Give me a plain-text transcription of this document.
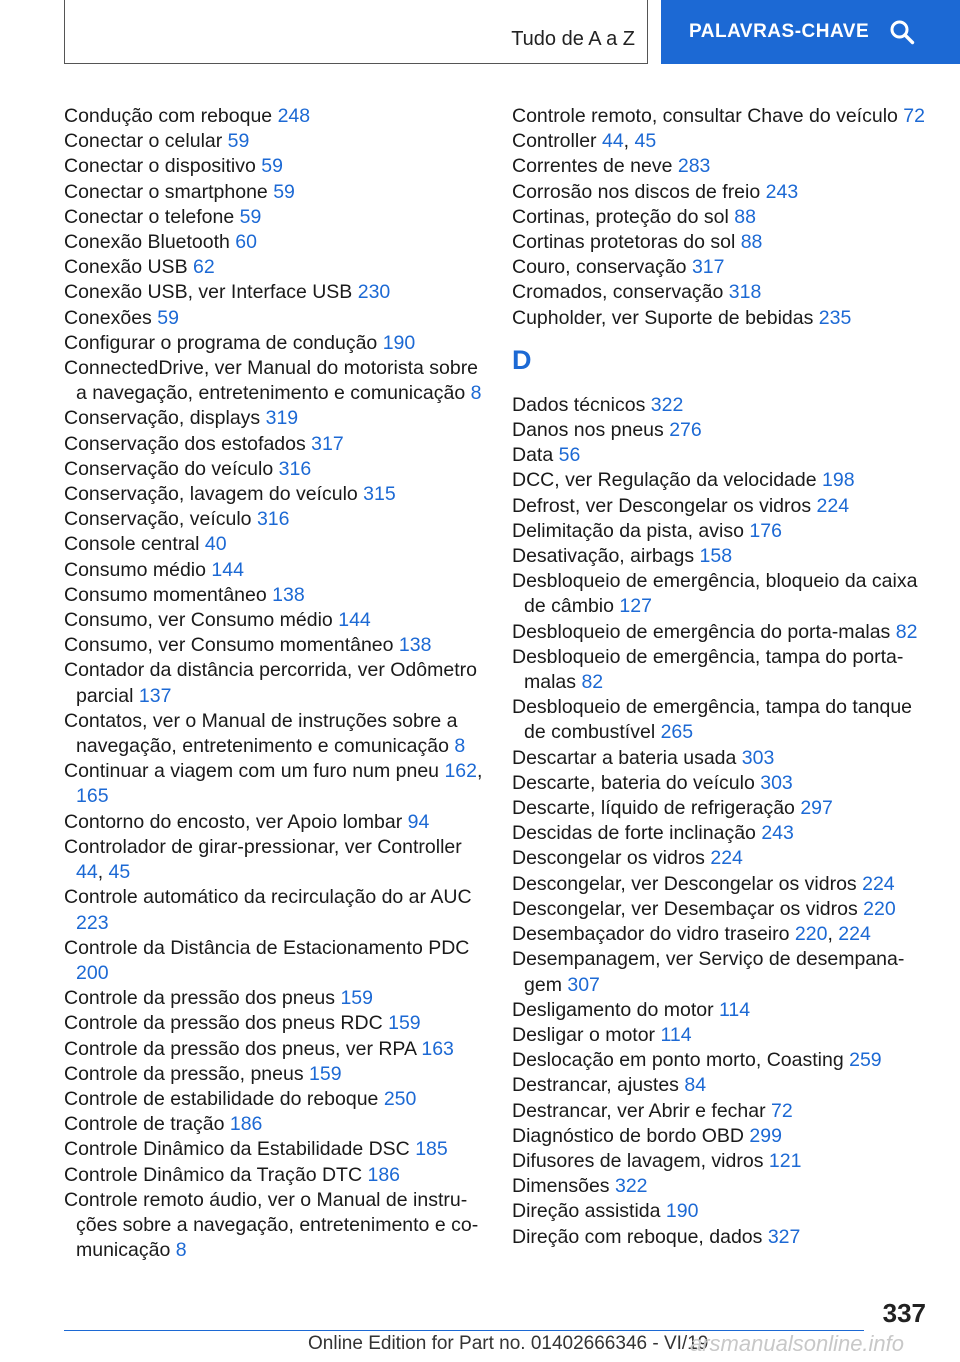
Tudo de A a Z	PALAVRAS-CHAVE

Condução com reboque 248

Conectar o celular 59

Conectar o dispositivo 59

Conectar o smartphone 59

Conectar o telefone 59

Conexão Bluetooth 60

Conexão USB 62

Conexão USB, ver Interface USB 230

Conexões 59

Configurar o programa de condução 190

ConnectedDrive, ver Manual do motorista sobre a navegação, entretenimento e comunicação 8

Conservação, displays 319

Conservação dos estofados 317

Conservação do veículo 316

Conservação, lavagem do veículo 315

Conservação, veículo 316

Console central 40

Consumo médio 144

Consumo momentâneo 138

Consumo, ver Consumo médio 144

Consumo, ver Consumo momentâneo 138

Contador da distância percorrida, ver Odômetro parcial 137

Contatos, ver o Manual de instruções sobre a navegação, entretenimento e comunicação 8

Continuar a viagem com um furo num pneu 162, 165

Contorno do encosto, ver Apoio lombar 94

Controlador de girar-pressionar, ver Controller 44, 45

Controle automático da recirculação do ar AUC 223

Controle da Distância de Estacionamento PDC 200

Controle da pressão dos pneus 159

Controle da pressão dos pneus RDC 159

Controle da pressão dos pneus, ver RPA 163

Controle da pressão, pneus 159

Controle de estabilidade do reboque 250

Controle de tração 186

Controle Dinâmico da Estabilidade DSC 185

Controle Dinâmico da Tração DTC 186

Controle remoto áudio, ver o Manual de instruções sobre a navegação, entretenimento e comunicação 8

Controle remoto, consultar Chave do veículo 72

Controller 44, 45

Correntes de neve 283

Corrosão nos discos de freio 243

Cortinas, proteção do sol 88

Cortinas protetoras do sol 88

Couro, conservação 317

Cromados, conservação 318

Cupholder, ver Suporte de bebidas 235

D

Dados técnicos 322

Danos nos pneus 276

Data 56

DCC, ver Regulação da velocidade 198

Defrost, ver Descongelar os vidros 224

Delimitação da pista, aviso 176

Desativação, airbags 158

Desbloqueio de emergência, bloqueio da caixa de câmbio 127

Desbloqueio de emergência do porta-malas 82

Desbloqueio de emergência, tampa do porta-malas 82

Desbloqueio de emergência, tampa do tanque de combustível 265

Descartar a bateria usada 303

Descarte, bateria do veículo 303

Descarte, líquido de refrigeração 297

Descidas de forte inclinação 243

Descongelar os vidros 224

Descongelar, ver Descongelar os vidros 224

Descongelar, ver Desembaçar os vidros 220

Desembaçador do vidro traseiro 220, 224

Desempanagem, ver Serviço de desempanagem 307

Desligamento do motor 114

Desligar o motor 114

Deslocação em ponto morto, Coasting 259

Destrancar, ajustes 84

Destrancar, ver Abrir e fechar 72

Diagnóstico de bordo OBD 299

Difusores de lavagem, vidros 121

Dimensões 322

Direção assistida 190

Direção com reboque, dados 327

337
Online Edition for Part no. 01402666346 - VI/19
arsmanualsonline.info
